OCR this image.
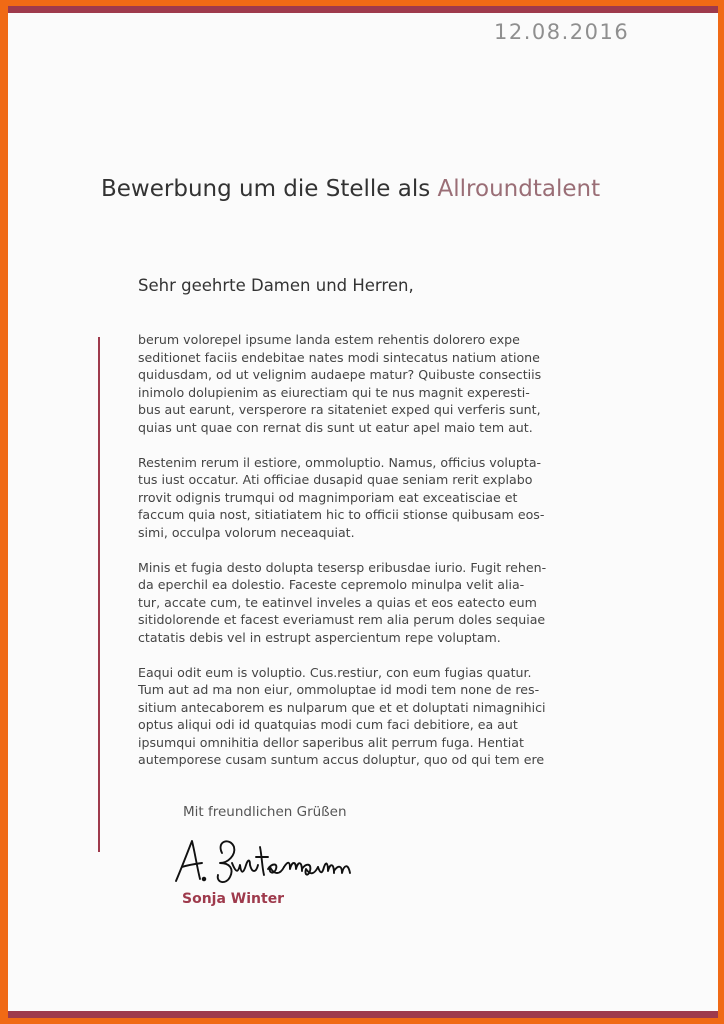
12.08.2016
Bewerbung um die Stelle als Allroundtalent
Sehr geehrte Damen und Herren,
berum volorepel ipsume landa estem rehentis dolorero expe
seditionet faciis endebitae nates modi sintecatus natium atione
quidusdam, od ut velignim audaepe matur? Quibuste consectiis
inimolo dolupienim as eiurectiam qui te nus magnit experesti-
bus aut earunt, versperore ra sitateniet exped qui verferis sunt,
quias unt quae con rernat dis sunt ut eatur apel maio tem aut.
Restenim rerum il estiore, ommoluptio. Namus, officius volupta-
tus iust occatur. Ati officiae dusapid quae seniam rerit explabo
rrovit odignis trumqui od magnimporiam eat exceatisciae et
faccum quia nost, sitiatiatem hic to officii stionse quibusam eos-
simi, occulpa volorum neceaquiat.
Minis et fugia desto dolupta tesersp eribusdae iurio. Fugit rehen-
da eperchil ea dolestio. Faceste cepremolo minulpa velit alia-
tur, accate cum, te eatinvel inveles a quias et eos eatecto eum
sitidolorende et facest everiamust rem alia perum doles sequiae
ctatatis debis vel in estrupt aspercientum repe voluptam.
Eaqui odit eum is voluptio. Cus.restiur, con eum fugias quatur.
Tum aut ad ma non eiur, ommoluptae id modi tem none de res-
sitium antecaborem es nulparum que et et doluptati nimagnihici
optus aliqui odi id quatquias modi cum faci debitiore, ea aut
ipsumqui omnihitia dellor saperibus alit perrum fuga. Hentiat
autemporese cusam suntum accus doluptur, quo od qui tem ere
Mit freundlichen Grüßen
Sonja Winter
